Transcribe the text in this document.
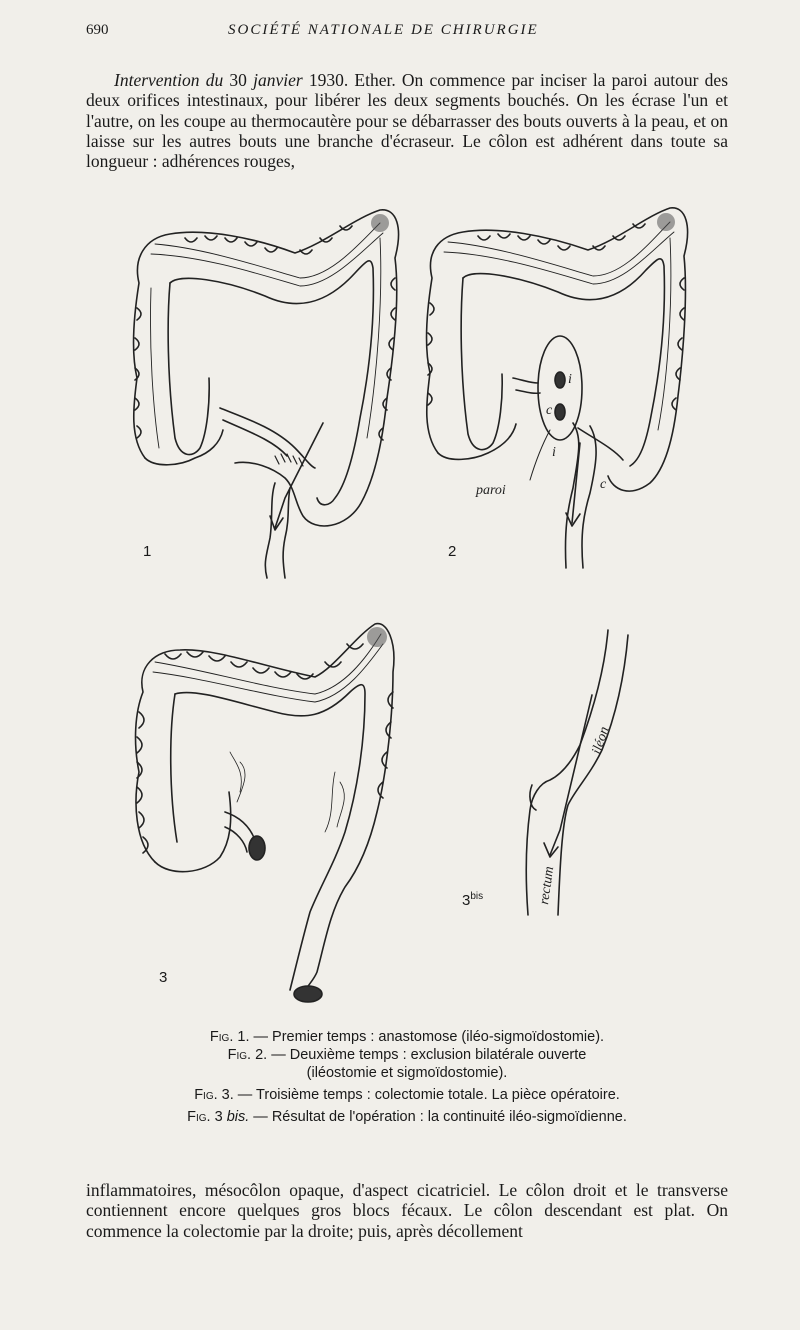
690	SOCIÉTÉ NATIONALE DE CHIRURGIE
Intervention du 30 janvier 1930. Ether. On commence par inciser la paroi autour des deux orifices intestinaux, pour libérer les deux segments bouchés. On les écrase l'un et l'autre, on les coupe au thermocautère pour se débarrasser des bouts ouverts à la peau, et on laisse sur les autres bouts une branche d'écraseur. Le côlon est adhérent dans toute sa longueur : adhérences rouges,
1
paroi
i
c
i
c
2
3
iléon
rectum
$3^{bis}$
Fig. 1. — Premier temps : anastomose (iléo-sigmoïdostomie).
Fig. 2. — Deuxième temps : exclusion bilatérale ouverte
(iléostomie et sigmoïdostomie).
Fig. 3. — Troisième temps : colectomie totale. La pièce opératoire.
Fig. 3 bis. — Résultat de l'opération : la continuité iléo-sigmoïdienne.
inflammatoires, mésocôlon opaque, d'aspect cicatriciel. Le côlon droit et le transverse contiennent encore quelques gros blocs fécaux. Le côlon descendant est plat. On commence la colectomie par la droite; puis, après décollement
